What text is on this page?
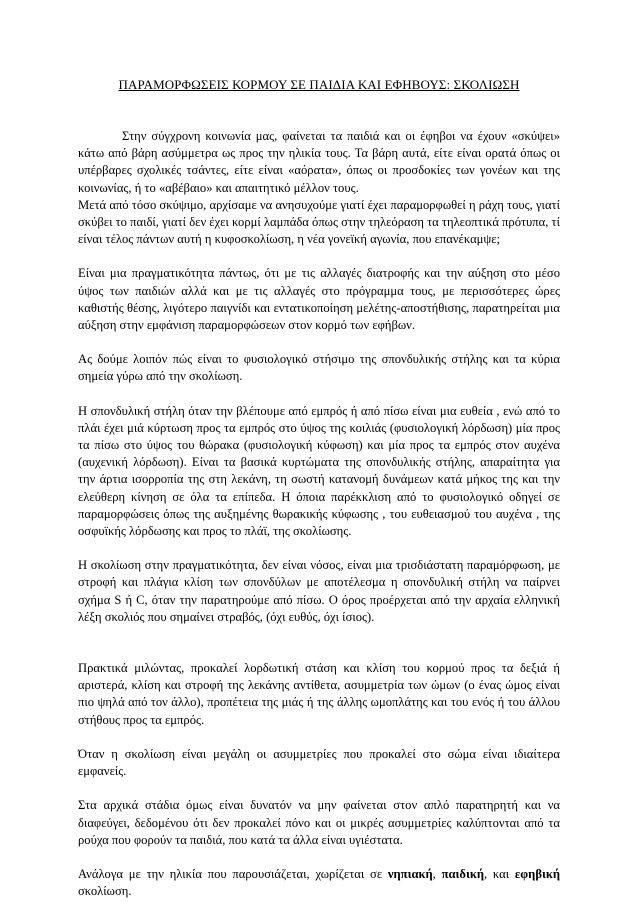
ΠΑΡΑΜΟΡΦΩΣΕΙΣ ΚΟΡΜΟΥ ΣΕ ΠΑΙΔΙΑ ΚΑΙ ΕΦΗΒΟΥΣ: ΣΚΟΛΙΩΣΗ

Στην σύγχρονη κοινωνία μας, φαίνεται τα παιδιά και οι έφηβοι να έχουν «σκύψει» κάτω από βάρη ασύμμετρα ως προς την ηλικία τους. Τα βάρη αυτά, είτε είναι ορατά όπως οι υπέρβαρες σχολικές τσάντες, είτε είναι «αόρατα», όπως οι προσδοκίες των γονέων και της κοινωνίας, ή το «αβέβαιο» και απαιτητικό μέλλον τους.

Μετά από τόσο σκύψιμο, αρχίσαμε να ανησυχούμε γιατί έχει παραμορφωθεί η ράχη τους, γιατί σκύβει το παιδί, γιατί δεν έχει κορμί λαμπάδα όπως στην τηλεόραση τα τηλεοπτικά πρότυπα, τί είναι τέλος πάντων αυτή η κυφοσκολίωση, η νέα γονεϊκή αγωνία, που επανέκαμψε;

Είναι μια πραγματικότητα πάντως, ότι με τις αλλαγές διατροφής και την αύξηση στο μέσο ύψος των παιδιών αλλά και με τις αλλαγές στο πρόγραμμα τους, με περισσότερες ώρες καθιστής θέσης, λιγότερο παιγνίδι και εντατικοποίηση μελέτης-αποστήθισης, παρατηρείται μια αύξηση στην εμφάνιση παραμορφώσεων στον κορμό των εφήβων.

Ας δούμε λοιπόν πώς είναι το φυσιολογικό στήσιμο της σπονδυλικής στήλης και τα κύρια σημεία γύρω από την σκολίωση.

Η σπονδυλική στήλη όταν την βλέπουμε από εμπρός ή από πίσω είναι μια ευθεία , ενώ από το πλάι έχει μιά κύρτωση προς τα εμπρός στο ύψος της κοιλιάς (φυσιολογική λόρδωση) μία προς τα πίσω στο ύψος του θώρακα (φυσιολογική κύφωση) και μία προς τα εμπρός στον αυχένα (αυχενική λόρδωση). Είναι τα βασικά κυρτώματα της σπονδυλικής στήλης, απαραίτητα για την άρτια ισορροπία της στη λεκάνη, τη σωστή κατανομή δυνάμεων κατά μήκος της και την ελεύθερη κίνηση σε όλα τα επίπεδα. Η όποια παρέκκλιση από το φυσιολογικό οδηγεί σε παραμορφώσεις όπως της αυξημένης θωρακικής κύφωσης , του ευθειασμού του αυχένα , της οσφυϊκής λόρδωσης και προς το πλάϊ, της σκολίωσης.

Η σκολίωση στην πραγματικότητα, δεν είναι νόσος, είναι μια τρισδιάστατη παραμόρφωση, με στροφή και πλάγια κλίση των σπονδύλων με αποτέλεσμα η σπονδυλική στήλη να παίρνει σχήμα S ή C, όταν την παρατηρούμε από πίσω. Ο όρος προέρχεται από την αρχαία ελληνική λέξη σκολιός που σημαίνει στραβός, (όχι ευθύς, όχι ίσιος).

Πρακτικά μιλώντας, προκαλεί λορδωτική στάση και κλίση του κορμού προς τα δεξιά ή αριστερά, κλίση και στροφή της λεκάνης αντίθετα, ασυμμετρία των ώμων (ο ένας ώμος είναι πιο ψηλά από τον άλλο), προπέτεια της μιάς ή της άλλης ωμοπλάτης και του ενός ή του άλλου στήθους προς τα εμπρός.

Όταν η σκολίωση είναι μεγάλη οι ασυμμετρίες που προκαλεί στο σώμα είναι ιδιαίτερα εμφανείς.

Στα αρχικά στάδια όμως είναι δυνατόν να μην φαίνεται στον απλό παρατηρητή και να διαφεύγει, δεδομένου ότι δεν προκαλεί πόνο και οι μικρές ασυμμετρίες καλύπτονται από τα ρούχα που φορούν τα παιδιά, που κατά τα άλλα είναι υγιέστατα.

Ανάλογα με την ηλικία που παρουσιάζεται, χωρίζεται σε νηπιακή, παιδική, και εφηβική σκολίωση.
